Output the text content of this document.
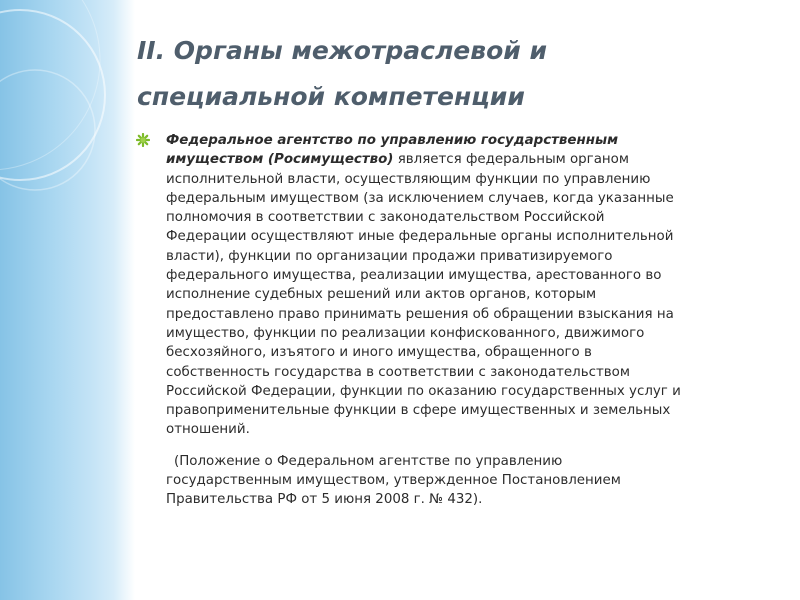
II. Органы межотраслевой и
специальной компетенции
Федеральное агентство по управлению государственным
имуществом (Росимущество) является федеральным органом
исполнительной власти, осуществляющим функции по управлению
федеральным имуществом (за исключением случаев, когда указанные
полномочия в соответствии с законодательством Российской
Федерации осуществляют иные федеральные органы исполнительной
власти), функции по организации продажи приватизируемого
федерального имущества, реализации имущества, арестованного во
исполнение судебных решений или актов органов, которым
предоставлено право принимать решения об обращении взыскания на
имущество, функции по реализации конфискованного, движимого
бесхозяйного, изъятого и иного имущества, обращенного в
собственность государства в соответствии с законодательством
Российской Федерации, функции по оказанию государственных услуг и
правоприменительные функции в сфере имущественных и земельных
отношений.
(Положение о Федеральном агентстве по управлению
государственным имуществом, утвержденное Постановлением
Правительства РФ от 5 июня 2008 г. № 432).
